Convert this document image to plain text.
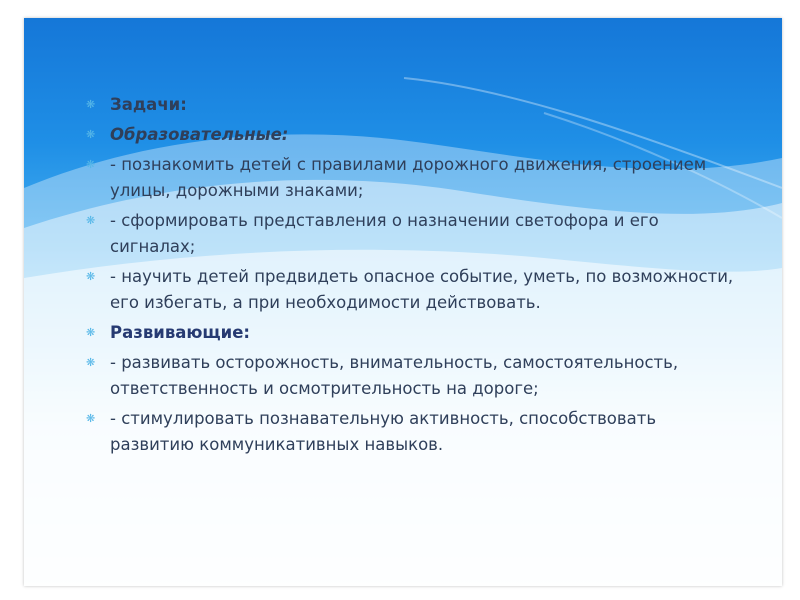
❋ Задачи:
❋ Образовательные:
❋ - познакомить детей с правилами дорожного движения, строением улицы, дорожными знаками;
❋ - сформировать представления о назначении светофора и его сигналах;
❋ - научить детей предвидеть опасное событие, уметь, по возможности, его избегать, а при необходимости действовать.
❋ Развивающие:
❋ - развивать осторожность, внимательность, самостоятельность, ответственность и осмотрительность на дороге;
❋ - стимулировать познавательную активность, способствовать развитию коммуникативных навыков.
